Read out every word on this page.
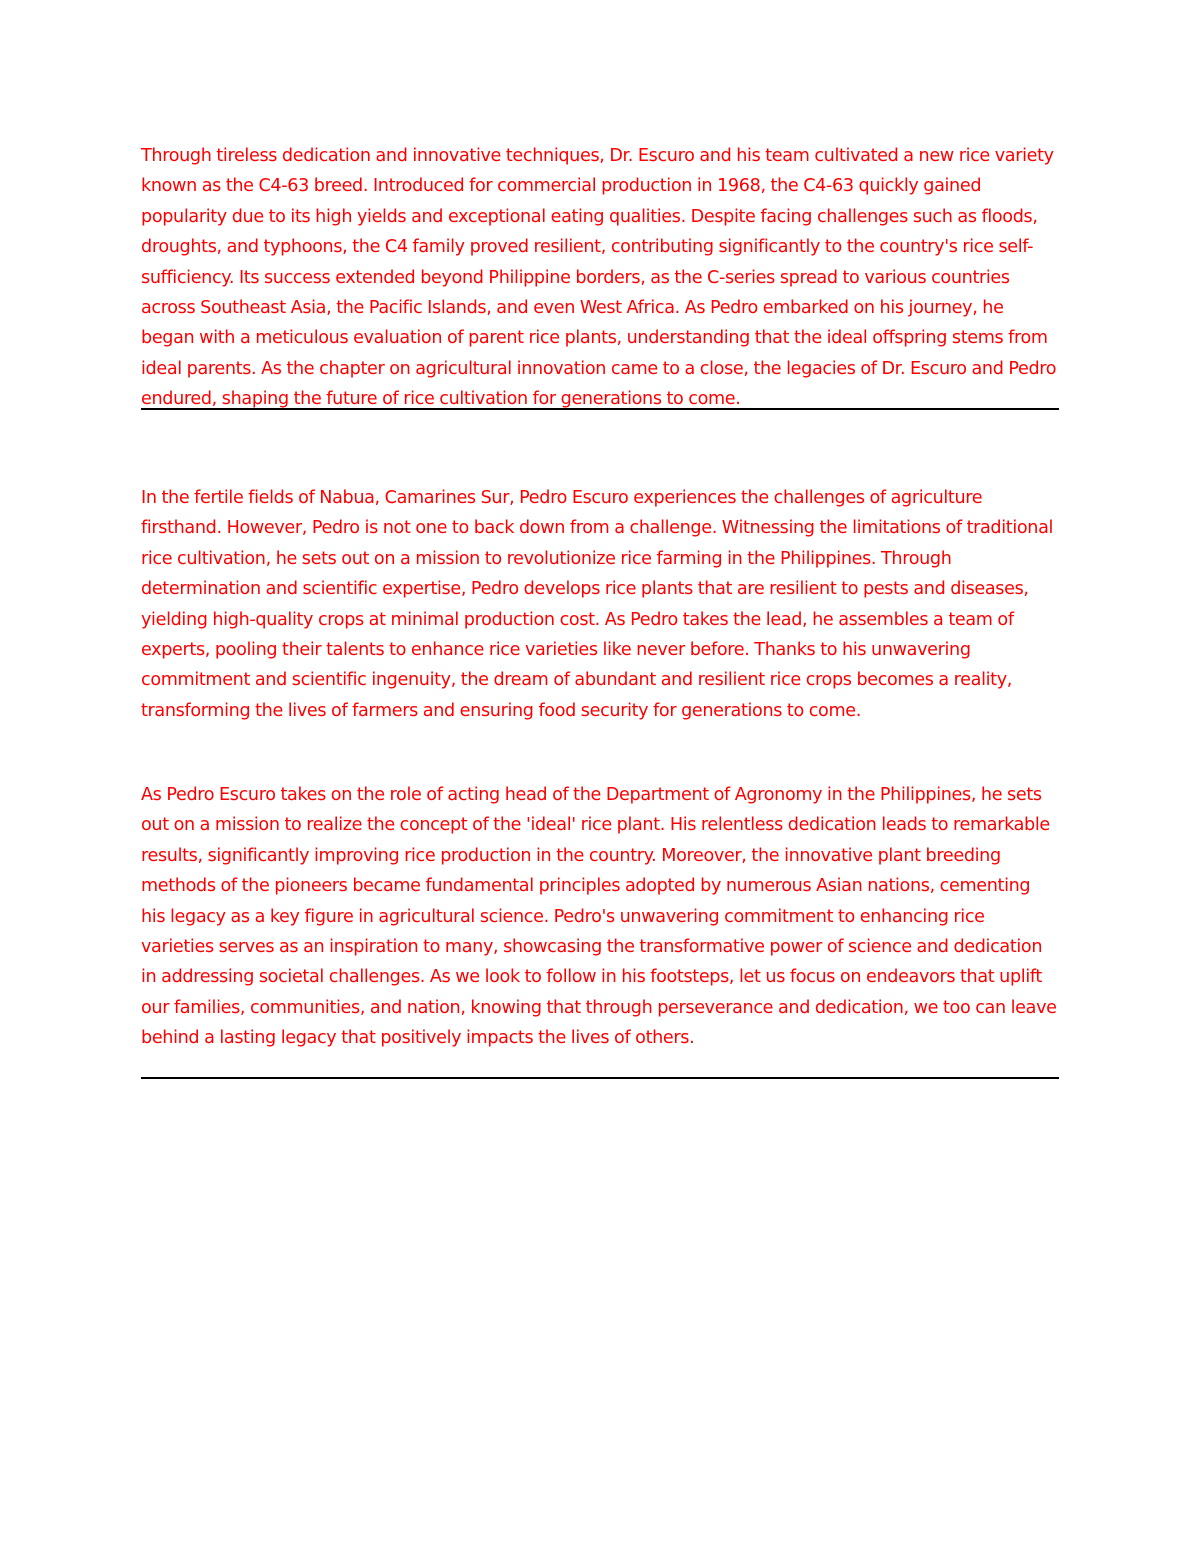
Through tireless dedication and innovative techniques, Dr. Escuro and his team cultivated a new rice variety known as the C4-63 breed. Introduced for commercial production in 1968, the C4-63 quickly gained popularity due to its high yields and exceptional eating qualities. Despite facing challenges such as floods, droughts, and typhoons, the C4 family proved resilient, contributing significantly to the country's rice self-sufficiency. Its success extended beyond Philippine borders, as the C-series spread to various countries across Southeast Asia, the Pacific Islands, and even West Africa. As Pedro embarked on his journey, he began with a meticulous evaluation of parent rice plants, understanding that the ideal offspring stems from ideal parents. As the chapter on agricultural innovation came to a close, the legacies of Dr. Escuro and Pedro endured, shaping the future of rice cultivation for generations to come.

In the fertile fields of Nabua, Camarines Sur, Pedro Escuro experiences the challenges of agriculture firsthand. However, Pedro is not one to back down from a challenge. Witnessing the limitations of traditional rice cultivation, he sets out on a mission to revolutionize rice farming in the Philippines. Through determination and scientific expertise, Pedro develops rice plants that are resilient to pests and diseases, yielding high-quality crops at minimal production cost. As Pedro takes the lead, he assembles a team of experts, pooling their talents to enhance rice varieties like never before. Thanks to his unwavering commitment and scientific ingenuity, the dream of abundant and resilient rice crops becomes a reality, transforming the lives of farmers and ensuring food security for generations to come.

As Pedro Escuro takes on the role of acting head of the Department of Agronomy in the Philippines, he sets out on a mission to realize the concept of the 'ideal' rice plant. His relentless dedication leads to remarkable results, significantly improving rice production in the country. Moreover, the innovative plant breeding methods of the pioneers became fundamental principles adopted by numerous Asian nations, cementing his legacy as a key figure in agricultural science. Pedro's unwavering commitment to enhancing rice varieties serves as an inspiration to many, showcasing the transformative power of science and dedication in addressing societal challenges. As we look to follow in his footsteps, let us focus on endeavors that uplift our families, communities, and nation, knowing that through perseverance and dedication, we too can leave behind a lasting legacy that positively impacts the lives of others.
